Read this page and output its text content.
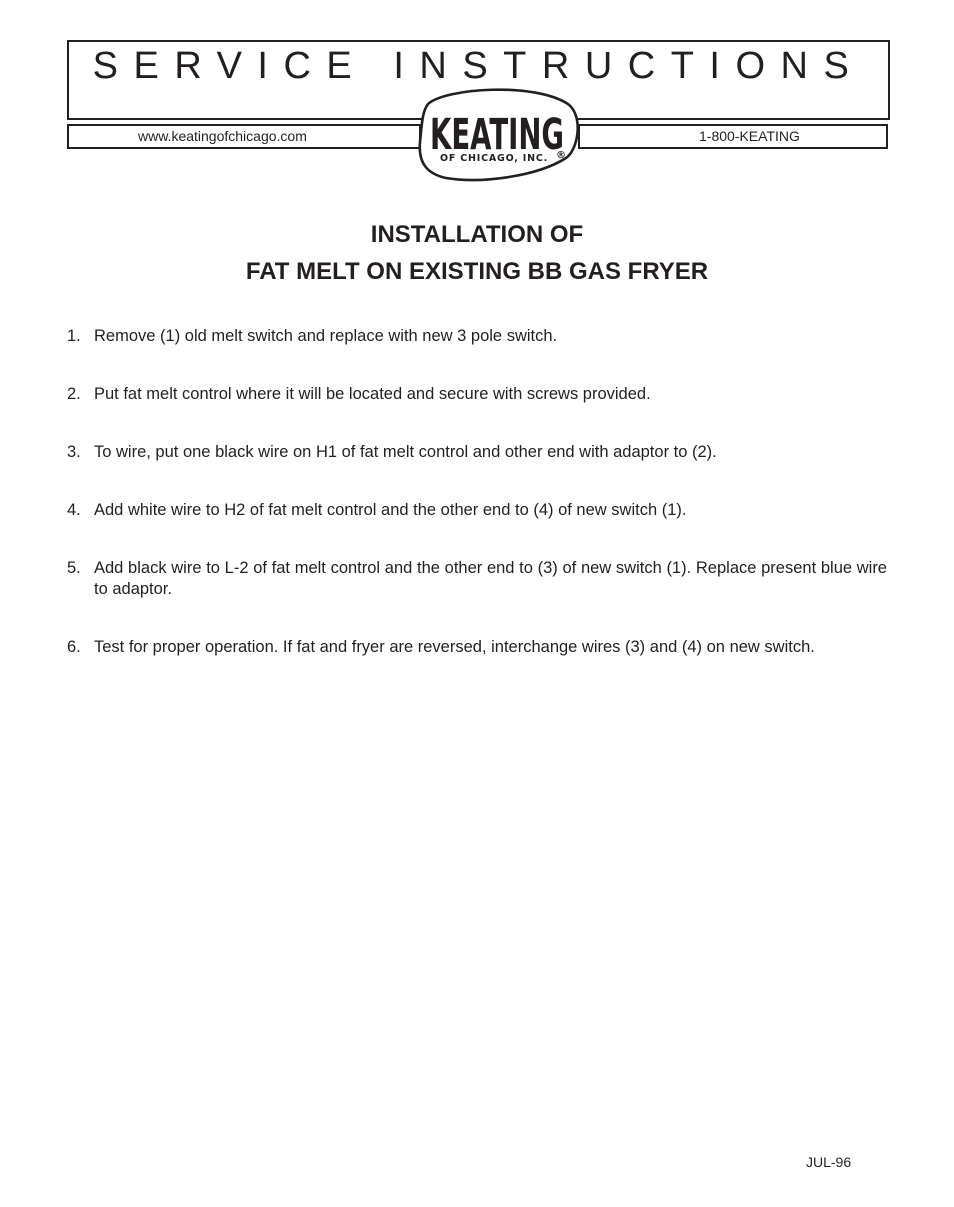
SERVICE INSTRUCTIONS
www.keatingofchicago.com	1-800-KEATING
KEATING
OF CHICAGO, INC. ®
INSTALLATION OF
FAT MELT ON EXISTING BB GAS FRYER
1. Remove (1) old melt switch and replace with new 3 pole switch.
2. Put fat melt control where it will be located and secure with screws provided.
3. To wire, put one black wire on H1 of fat melt control and other end with adaptor to (2).
4. Add white wire to H2 of fat melt control and the other end to (4) of new switch (1).
5. Add black wire to L-2 of fat melt control and the other end to (3) of new switch (1). Replace present blue wire to adaptor.
6. Test for proper operation. If fat and fryer are reversed, interchange wires (3) and (4) on new switch.
JUL-96
